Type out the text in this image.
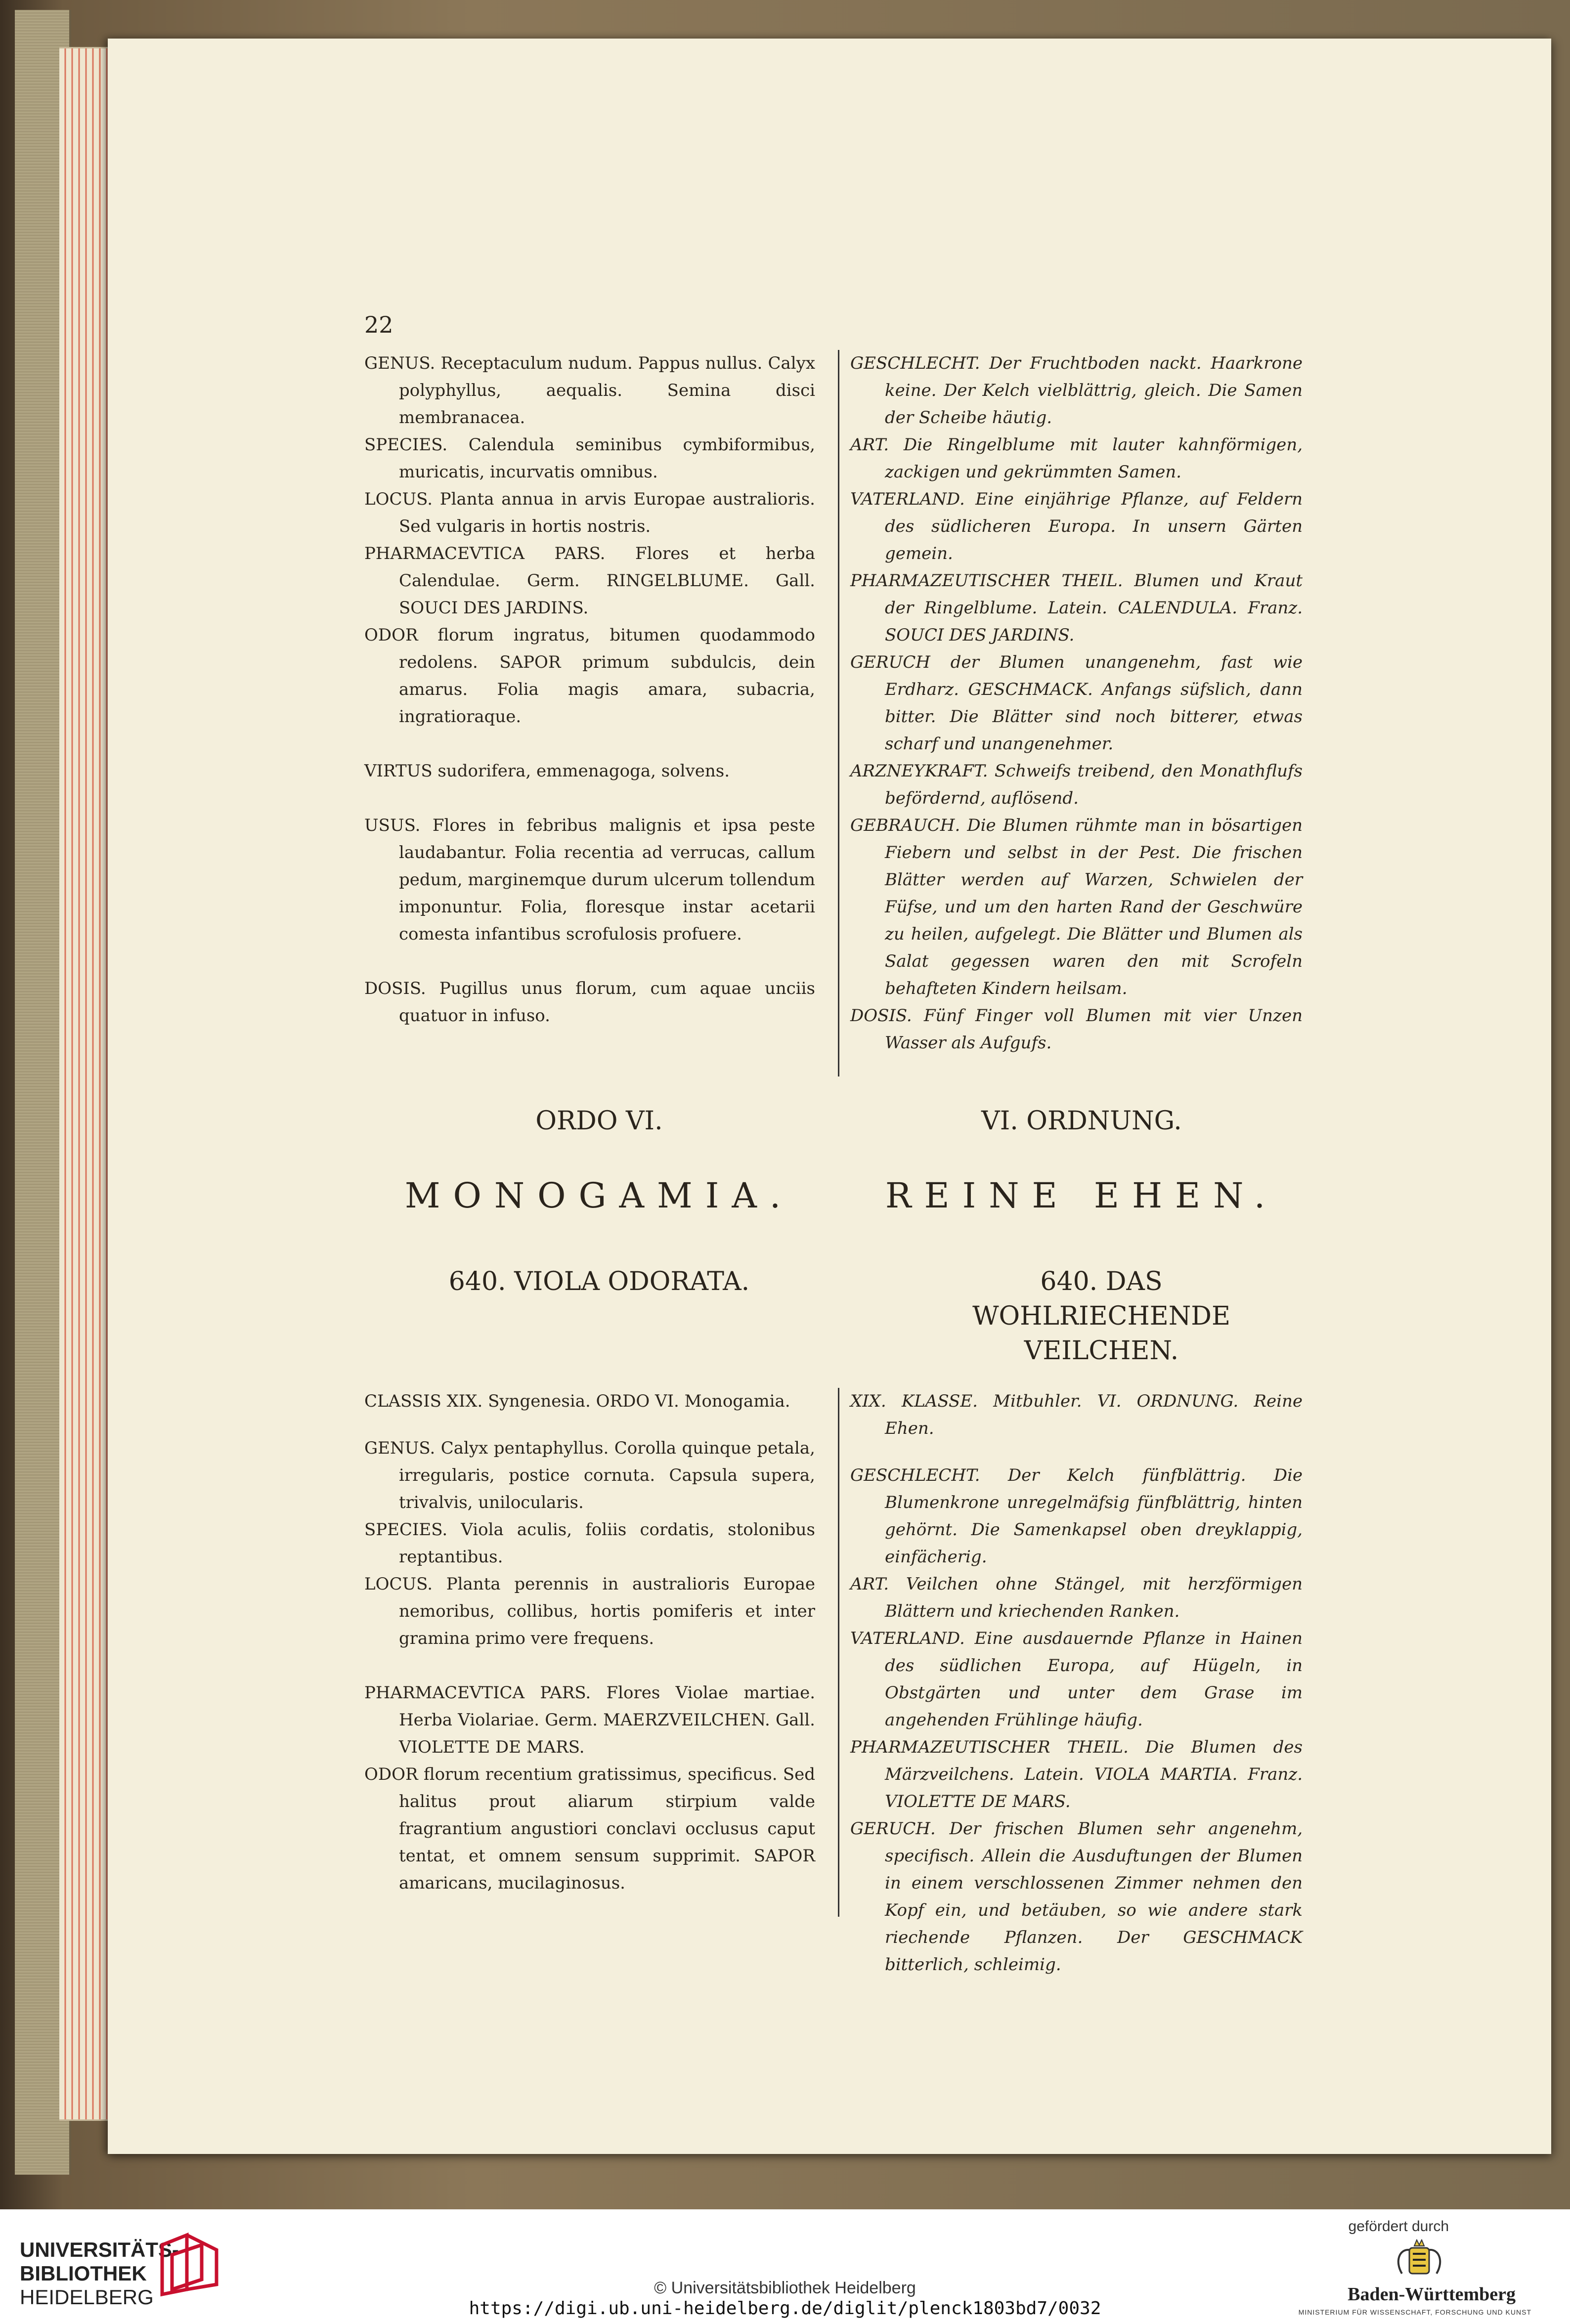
22
GENUS. Receptaculum nudum. Pappus nullus. Calyx polyphyllus, aequalis. Semina disci membranacea.
SPECIES. Calendula seminibus cymbiformibus, muricatis, incurvatis omnibus.
LOCUS. Planta annua in arvis Europae australioris. Sed vulgaris in hortis nostris.
PHARMACEVTICA PARS. Flores et herba Calendulae. Germ. RINGELBLUME. Gall. SOUCI DES JARDINS.
ODOR florum ingratus, bitumen quodammodo redolens. SAPOR primum subdulcis, dein amarus. Folia magis amara, subacria, ingratioraque.
VIRTUS sudorifera, emmenagoga, solvens.
USUS. Flores in febribus malignis et ipsa peste laudabantur. Folia recentia ad verrucas, callum pedum, marginemque durum ulcerum tollendum imponuntur. Folia, floresque instar acetarii comesta infantibus scrofulosis profuere.
DOSIS. Pugillus unus florum, cum aquae unciis quatuor in infuso.
GESCHLECHT. Der Fruchtboden nackt. Haarkrone keine. Der Kelch vielblättrig, gleich. Die Samen der Scheibe häutig.
ART. Die Ringelblume mit lauter kahnförmigen, zackigen und gekrümmten Samen.
VATERLAND. Eine einjährige Pflanze, auf Feldern des südlicheren Europa. In unsern Gärten gemein.
PHARMAZEUTISCHER THEIL. Blumen und Kraut der Ringelblume. Latein. CALENDULA. Franz. SOUCI DES JARDINS.
GERUCH der Blumen unangenehm, fast wie Erdharz. GESCHMACK. Anfangs süfslich, dann bitter. Die Blätter sind noch bitterer, etwas scharf und unangenehmer.
ARZNEYKRAFT. Schweifs treibend, den Monathflufs befördernd, auflösend.
GEBRAUCH. Die Blumen rühmte man in bösartigen Fiebern und selbst in der Pest. Die frischen Blätter werden auf Warzen, Schwielen der Füfse, und um den harten Rand der Geschwüre zu heilen, aufgelegt. Die Blätter und Blumen als Salat gegessen waren den mit Scrofeln behafteten Kindern heilsam.
DOSIS. Fünf Finger voll Blumen mit vier Unzen Wasser als Aufgufs.
ORDO VI.	VI. ORDNUNG.
MONOGAMIA.	REINE EHEN.
640. VIOLA ODORATA.	640. DAS WOHLRIECHENDE VEILCHEN.
CLASSIS XIX. Syngenesia. ORDO VI. Monogamia.
GENUS. Calyx pentaphyllus. Corolla quinque petala, irregularis, postice cornuta. Capsula supera, trivalvis, unilocularis.
SPECIES. Viola aculis, foliis cordatis, stolonibus reptantibus.
LOCUS. Planta perennis in australioris Europae nemoribus, collibus, hortis pomiferis et inter gramina primo vere frequens.
PHARMACEVTICA PARS. Flores Violae martiae. Herba Violariae. Germ. MAERZVEILCHEN. Gall. VIOLETTE DE MARS.
ODOR florum recentium gratissimus, specificus. Sed halitus prout aliarum stirpium valde fragrantium angustiori conclavi occlusus caput tentat, et omnem sensum supprimit. SAPOR amaricans, mucilaginosus.
XIX. KLASSE. Mitbuhler. VI. ORDNUNG. Reine Ehen.
GESCHLECHT. Der Kelch fünfblättrig. Die Blumenkrone unregelmäfsig fünfblättrig, hinten gehörnt. Die Samenkapsel oben dreyklappig, einfächerig.
ART. Veilchen ohne Stängel, mit herzförmigen Blättern und kriechenden Ranken.
VATERLAND. Eine ausdauernde Pflanze in Hainen des südlichen Europa, auf Hügeln, in Obstgärten und unter dem Grase im angehenden Frühlinge häufig.
PHARMAZEUTISCHER THEIL. Die Blumen des Märzveilchens. Latein. VIOLA MARTIA. Franz. VIOLETTE DE MARS.
GERUCH. Der frischen Blumen sehr angenehm, specifisch. Allein die Ausduftungen der Blumen in einem verschlossenen Zimmer nehmen den Kopf ein, und betäuben, so wie andere stark riechende Pflanzen. Der GESCHMACK bitterlich, schleimig.
UNIVERSITÄTS-
BIBLIOTHEK
HEIDELBERG	© Universitätsbibliothek Heidelberg
https://digi.ub.uni-heidelberg.de/diglit/plenck1803bd7/0032
gefördert durch
Baden-Württemberg
MINISTERIUM FÜR WISSENSCHAFT, FORSCHUNG UND KUNST
